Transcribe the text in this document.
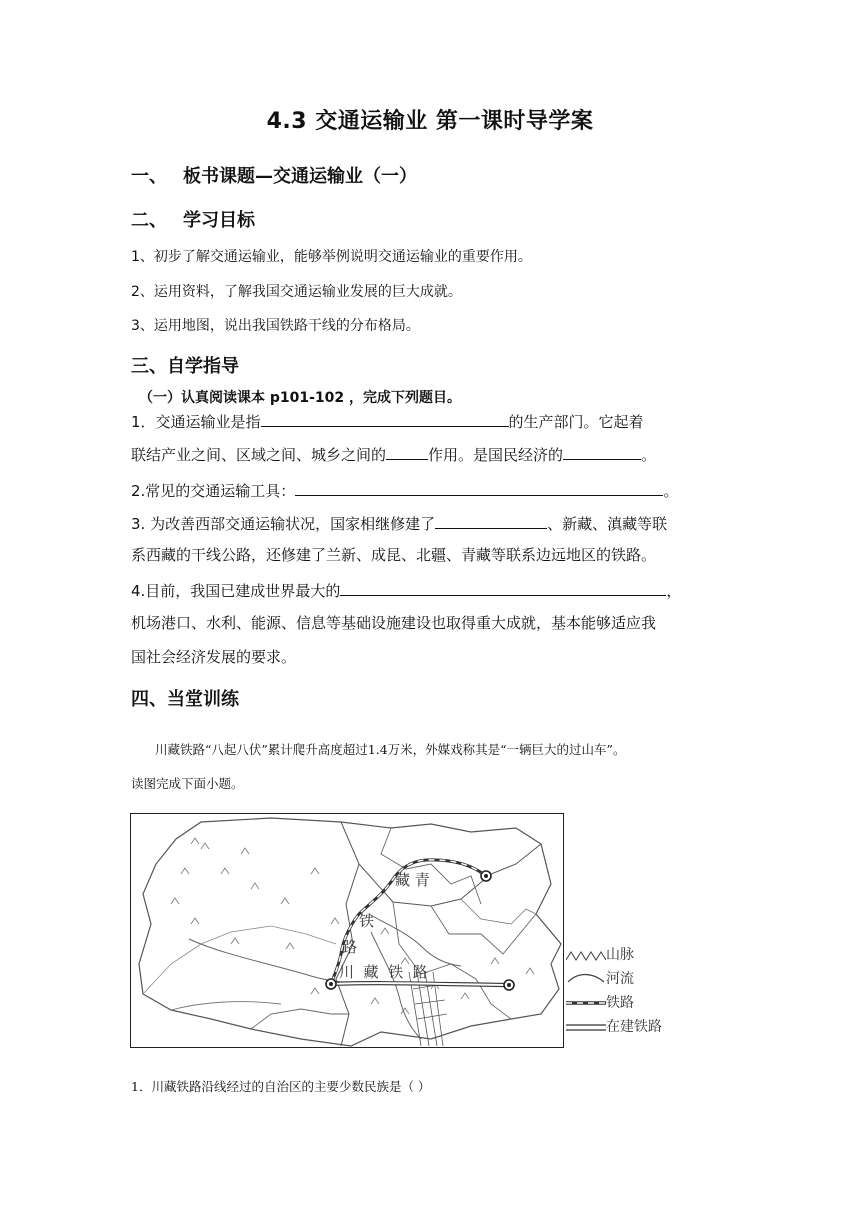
4.3 交通运输业 第一课时导学案
一、 板书课题—交通运输业（一）
二、 学习目标
1、初步了解交通运输业，能够举例说明交通运输业的重要作用。
2、运用资料，了解我国交通运输业发展的巨大成就。
3、运用地图，说出我国铁路干线的分布格局。
三、自学指导
（一）认真阅读课本 p101-102 ，完成下列题目。
1．交通运输业是指	的生产部门。它起着
联结产业之间、区域之间、城乡之间的	作用。是国民经济的	。
2.常见的交通运输工具：	。
3. 为改善西部交通运输状况，国家相继修建了	、新藏、滇藏等联
系西藏的干线公路，还修建了兰新、成昆、北疆、青藏等联系边远地区的铁路。
4.目前，我国已建成世界最大的	，
机场港口、水利、能源、信息等基础设施建设也取得重大成就，基本能够适应我
国社会经济发展的要求。
四、当堂训练
川藏铁路“八起八伏”累计爬升高度超过1.4万米，外媒戏称其是“一辆巨大的过山车”。
读图完成下面小题。
藏 青
铁
路
川  藏  铁  路
山脉
河流
铁路
在建铁路
1．川藏铁路沿线经过的自治区的主要少数民族是（ ）
